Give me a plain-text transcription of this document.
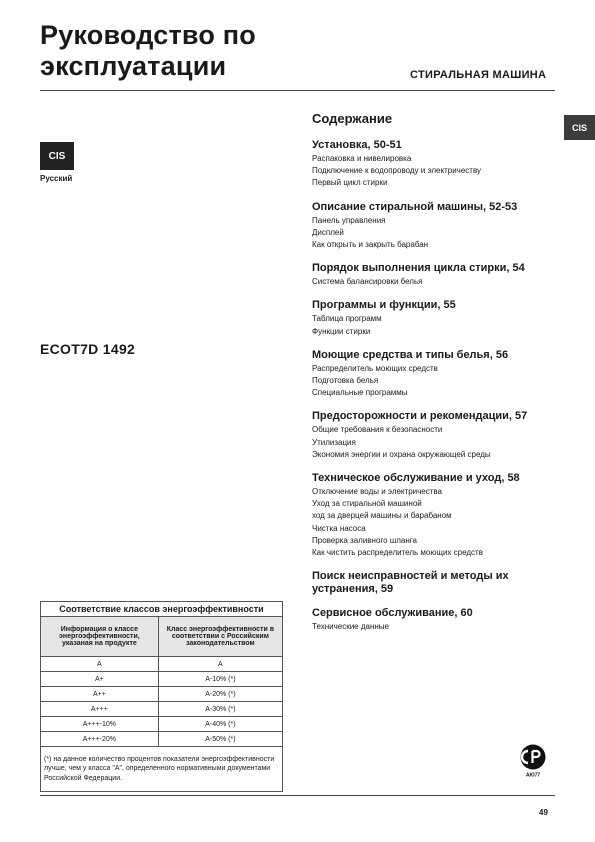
Руководство по эксплуатации	СТИРАЛЬНАЯ МАШИНА
CIS
CIS
Русский
ECOT7D 1492
Содержание
Установка, 50-51
Распаковка и нивелировка
Подключение к водопроводу и электричеству
Первый цикл стирки
Описание стиральной машины, 52-53
Панель управления
Дисплей
Как открыть и закрыть барабан
Порядок выполнения цикла стирки, 54
Система балансировки белья
Программы и функции, 55
Таблица программ
Функции стирки
Моющие средства и типы белья, 56
Распределитель моющих средств
Подготовка белья
Специальные программы
Предосторожности и рекомендации, 57
Общие требования к безопасности
Утилизация
Экономия энергии и охрана окружающей среды
Техническое обслуживание и уход, 58
Отключение воды и электричества
Уход за стиральной машиной
ход за дверцей машины и барабаном
Чистка насоса
Проверка заливного шланга
Как чистить распределитель моющих средств
Поиск неисправностей и методы их устранения, 59
Сервисное обслуживание, 60
Технические данные
Соответствие классов энергоэффективности	
Информация о классе энергоэффективности, указаная на продукте	Класс энергоэффективности в соответствии с Российским законодательством
A	A
A+	A-10% (*)
A++	A-20% (*)
A+++	A-30% (*)
A+++-10%	A-40% (*)
A+++-20%	A-50% (*)
(*) на данное количество процентов показатели энергоэффективности лучше, чем у класса "A", определенного нормативными документами Российской Федерации.		АЮ77
49
